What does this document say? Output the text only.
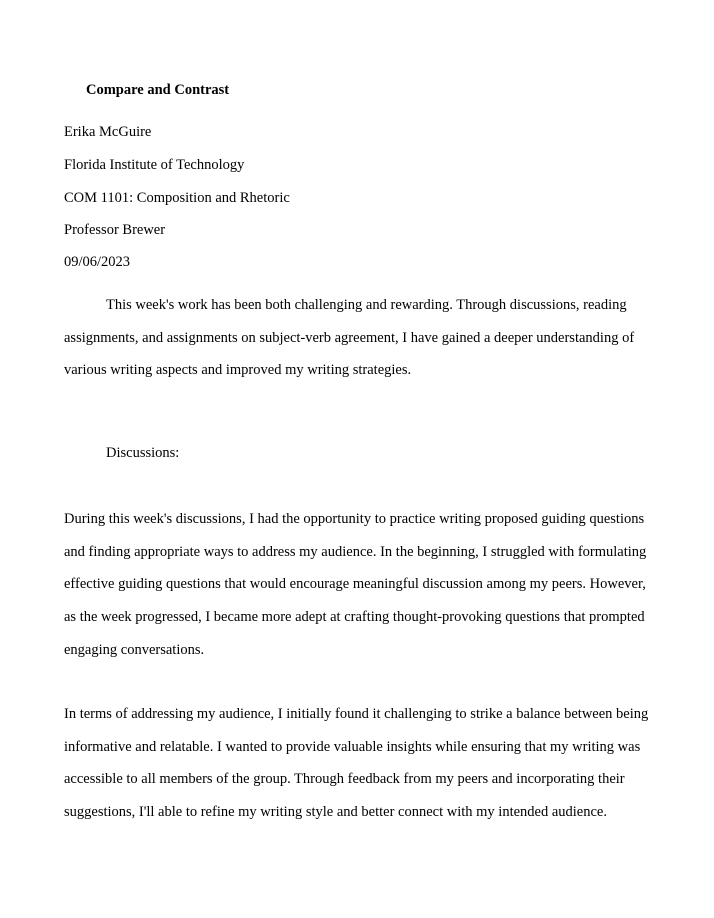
Compare and Contrast
Erika McGuire
Florida Institute of Technology
COM 1101: Composition and Rhetoric
Professor Brewer
09/06/2023

This week's work has been both challenging and rewarding. Through discussions, reading assignments, and assignments on subject-verb agreement, I have gained a deeper understanding of various writing aspects and improved my writing strategies.

Discussions:

During this week's discussions, I had the opportunity to practice writing proposed guiding questions and finding appropriate ways to address my audience. In the beginning, I struggled with formulating effective guiding questions that would encourage meaningful discussion among my peers. However, as the week progressed, I became more adept at crafting thought-provoking questions that prompted engaging conversations.

In terms of addressing my audience, I initially found it challenging to strike a balance between being informative and relatable. I wanted to provide valuable insights while ensuring that my writing was accessible to all members of the group. Through feedback from my peers and incorporating their suggestions, I'll able to refine my writing style and better connect with my intended audience.
